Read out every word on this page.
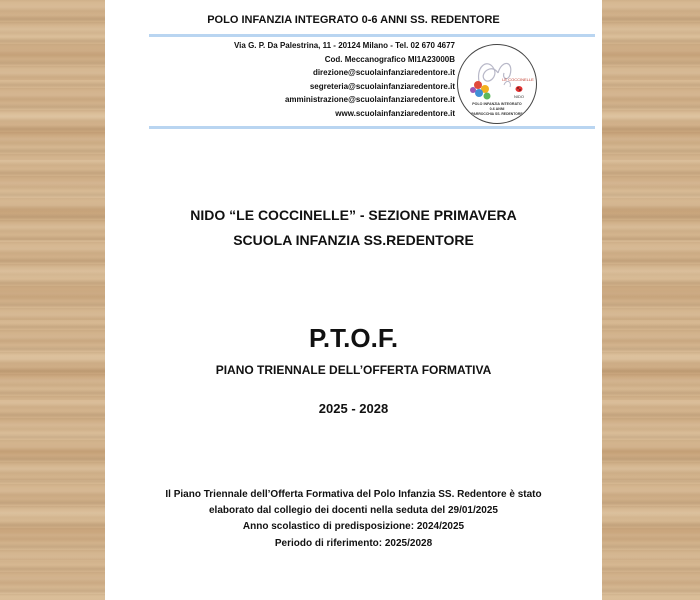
POLO INFANZIA INTEGRATO 0-6 ANNI SS. REDENTORE
Via G. P. Da Palestrina, 11 - 20124 Milano - Tel. 02 670 4677
Cod. Meccanografico MI1A23000B
direzione@scuolainfanziaredentore.it
segreteria@scuolainfanziaredentore.it
amministrazione@scuolainfanziaredentore.it
www.scuolainfanziaredentore.it
LE COCCINELLE
NIDO
POLO INFANZIA INTEGRATO
0-6 ANNI
PARROCCHIA SS. REDENTORE
NIDO “LE COCCINELLE” - SEZIONE PRIMAVERA
SCUOLA INFANZIA SS.REDENTORE
P.T.O.F.
PIANO TRIENNALE DELL’OFFERTA FORMATIVA
2025 - 2028
Il Piano Triennale dell’Offerta Formativa del Polo Infanzia SS. Redentore è stato
elaborato dal collegio dei docenti nella seduta del 29/01/2025
Anno scolastico di predisposizione: 2024/2025
Periodo di riferimento: 2025/2028
